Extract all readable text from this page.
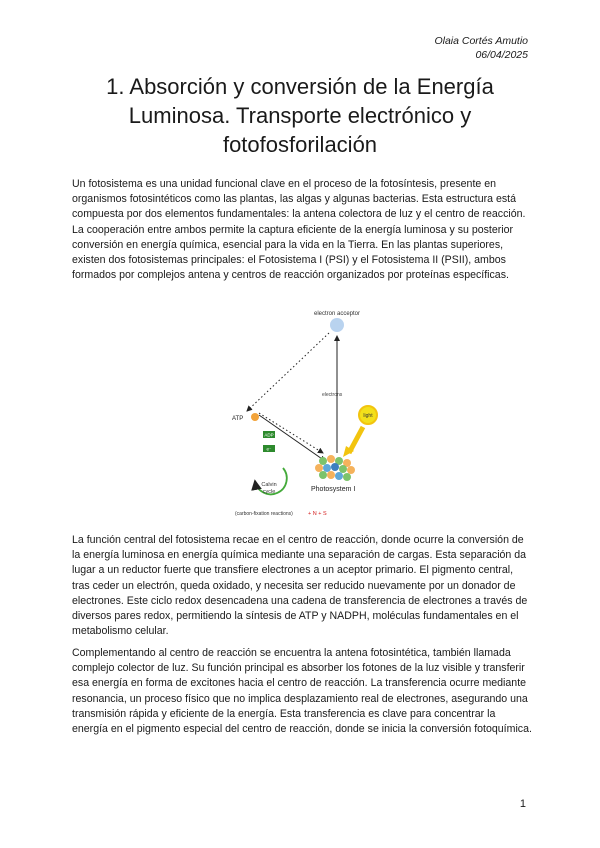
Olaia Cortés Amutio
06/04/2025
1. Absorción y conversión de la Energía
Luminosa. Transporte electrónico y
fotofosforilación

Un fotosistema es una unidad funcional clave en el proceso de la fotosíntesis, presente en organismos fotosintéticos como las plantas, las algas y algunas bacterias. Esta estructura está compuesta por dos elementos fundamentales: la antena colectora de luz y el centro de reacción. La cooperación entre ambos permite la captura eficiente de la energía luminosa y su posterior conversión en energía química, esencial para la vida en la Tierra. En las plantas superiores, existen dos fotosistemas principales: el Fotosistema I (PSI) y el Fotosistema II (PSII), ambos formados por complejos antena y centros de reacción organizados por proteínas específicas.

electron acceptor
electrons
ATP
ADP
e⁻
Calvin
cycle
(carbon-fixation reactions)	+ N + S
light
Photosystem I

La función central del fotosistema recae en el centro de reacción, donde ocurre la conversión de la energía luminosa en energía química mediante una separación de cargas. Esta separación da lugar a un reductor fuerte que transfiere electrones a un aceptor primario. El pigmento central, tras ceder un electrón, queda oxidado, y necesita ser reducido nuevamente por un donador de electrones. Este ciclo redox desencadena una cadena de transferencia de electrones a través de diversos pares redox, permitiendo la síntesis de ATP y NADPH, moléculas fundamentales en el metabolismo celular.

Complementando al centro de reacción se encuentra la antena fotosintética, también llamada complejo colector de luz. Su función principal es absorber los fotones de la luz visible y transferir esa energía en forma de excitones hacia el centro de reacción. La transferencia ocurre mediante resonancia, un proceso físico que no implica desplazamiento real de electrones, asegurando una transmisión rápida y eficiente de la energía. Esta transferencia es clave para concentrar la energía en el pigmento especial del centro de reacción, donde se inicia la conversión fotoquímica.

1
